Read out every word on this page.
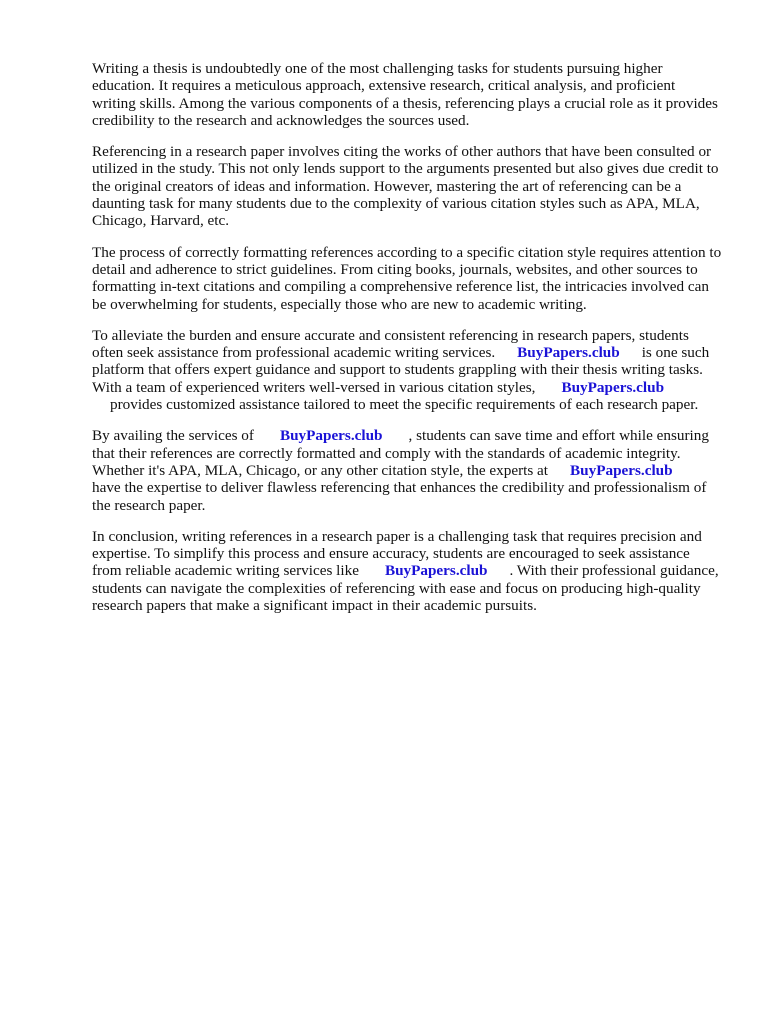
Writing a thesis is undoubtedly one of the most challenging tasks for students pursuing higher education. It requires a meticulous approach, extensive research, critical analysis, and proficient writing skills. Among the various components of a thesis, referencing plays a crucial role as it provides credibility to the research and acknowledges the sources used.

Referencing in a research paper involves citing the works of other authors that have been consulted or utilized in the study. This not only lends support to the arguments presented but also gives due credit to the original creators of ideas and information. However, mastering the art of referencing can be a daunting task for many students due to the complexity of various citation styles such as APA, MLA, Chicago, Harvard, etc.

The process of correctly formatting references according to a specific citation style requires attention to detail and adherence to strict guidelines. From citing books, journals, websites, and other sources to formatting in-text citations and compiling a comprehensive reference list, the intricacies involved can be overwhelming for students, especially those who are new to academic writing.

To alleviate the burden and ensure accurate and consistent referencing in research papers, students often seek assistance from professional academic writing services. BuyPapers.club is one such platform that offers expert guidance and support to students grappling with their thesis writing tasks. With a team of experienced writers well-versed in various citation styles, BuyPapers.club
provides customized assistance tailored to meet the specific requirements of each research paper.

By availing the services of BuyPapers.club , students can save time and effort while ensuring that their references are correctly formatted and comply with the standards of academic integrity. Whether it's APA, MLA, Chicago, or any other citation style, the experts at BuyPapers.club
have the expertise to deliver flawless referencing that enhances the credibility and professionalism of the research paper.

In conclusion, writing references in a research paper is a challenging task that requires precision and expertise. To simplify this process and ensure accuracy, students are encouraged to seek assistance from reliable academic writing services like BuyPapers.club . With their professional guidance, students can navigate the complexities of referencing with ease and focus on producing high-quality research papers that make a significant impact in their academic pursuits.
